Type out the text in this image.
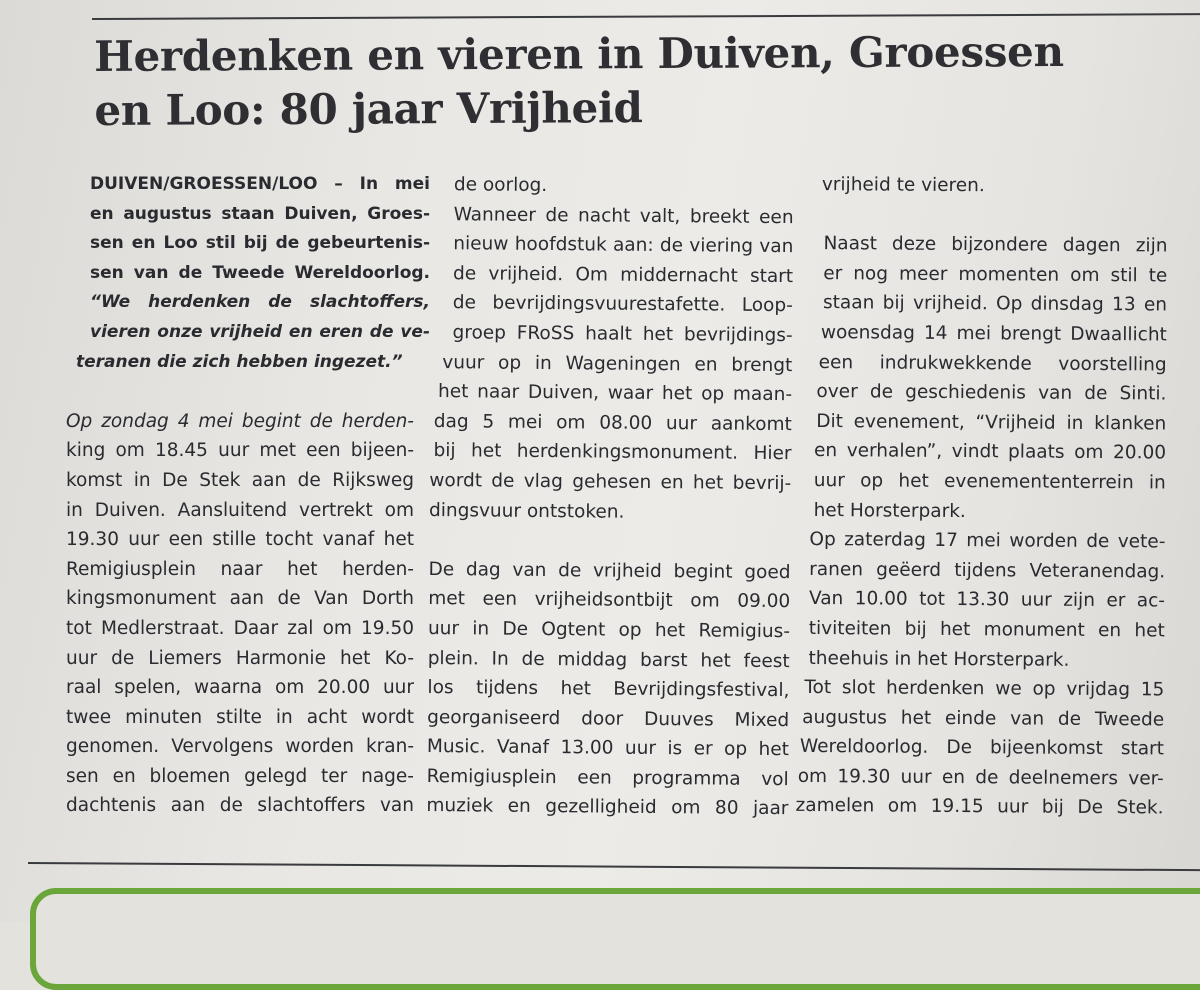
Herdenken en vieren in Duiven, Groessen
en Loo: 80 jaar Vrijheid
DUIVEN/GROESSEN/LOO – In mei
en augustus staan Duiven, Groes-
sen en Loo stil bij de gebeurtenis-
sen van de Tweede Wereldoorlog.
“We herdenken de slachtoffers,
vieren onze vrijheid en eren de ve-
teranen die zich hebben ingezet.”
Op zondag 4 mei begint de herden-
king om 18.45 uur met een bijeen-
komst in De Stek aan de Rijksweg
in Duiven. Aansluitend vertrekt om
19.30 uur een stille tocht vanaf het
Remigiusplein naar het herden-
kingsmonument aan de Van Dorth
tot Medlerstraat. Daar zal om 19.50
uur de Liemers Harmonie het Ko-
raal spelen, waarna om 20.00 uur
twee minuten stilte in acht wordt
genomen. Vervolgens worden kran-
sen en bloemen gelegd ter nage-
dachtenis aan de slachtoffers van
de oorlog.
Wanneer de nacht valt, breekt een
nieuw hoofdstuk aan: de viering van
de vrijheid. Om middernacht start
de bevrijdingsvuurestafette. Loop-
groep FRoSS haalt het bevrijdings-
vuur op in Wageningen en brengt
het naar Duiven, waar het op maan-
dag 5 mei om 08.00 uur aankomt
bij het herdenkingsmonument. Hier
wordt de vlag gehesen en het bevrij-
dingsvuur ontstoken.
De dag van de vrijheid begint goed
met een vrijheidsontbijt om 09.00
uur in De Ogtent op het Remigius-
plein. In de middag barst het feest
los tijdens het Bevrijdingsfestival,
georganiseerd door Duuves Mixed
Music. Vanaf 13.00 uur is er op het
Remigiusplein een programma vol
muziek en gezelligheid om 80 jaar
vrijheid te vieren.
Naast deze bijzondere dagen zijn
er nog meer momenten om stil te
staan bij vrijheid. Op dinsdag 13 en
woensdag 14 mei brengt Dwaallicht
een indrukwekkende voorstelling
over de geschiedenis van de Sinti.
Dit evenement, “Vrijheid in klanken
en verhalen”, vindt plaats om 20.00
uur op het evenemententerrein in
het Horsterpark.
Op zaterdag 17 mei worden de vete-
ranen geëerd tijdens Veteranendag.
Van 10.00 tot 13.30 uur zijn er ac-
tiviteiten bij het monument en het
theehuis in het Horsterpark.
Tot slot herdenken we op vrijdag 15
augustus het einde van de Tweede
Wereldoorlog. De bijeenkomst start
om 19.30 uur en de deelnemers ver-
zamelen om 19.15 uur bij De Stek.
